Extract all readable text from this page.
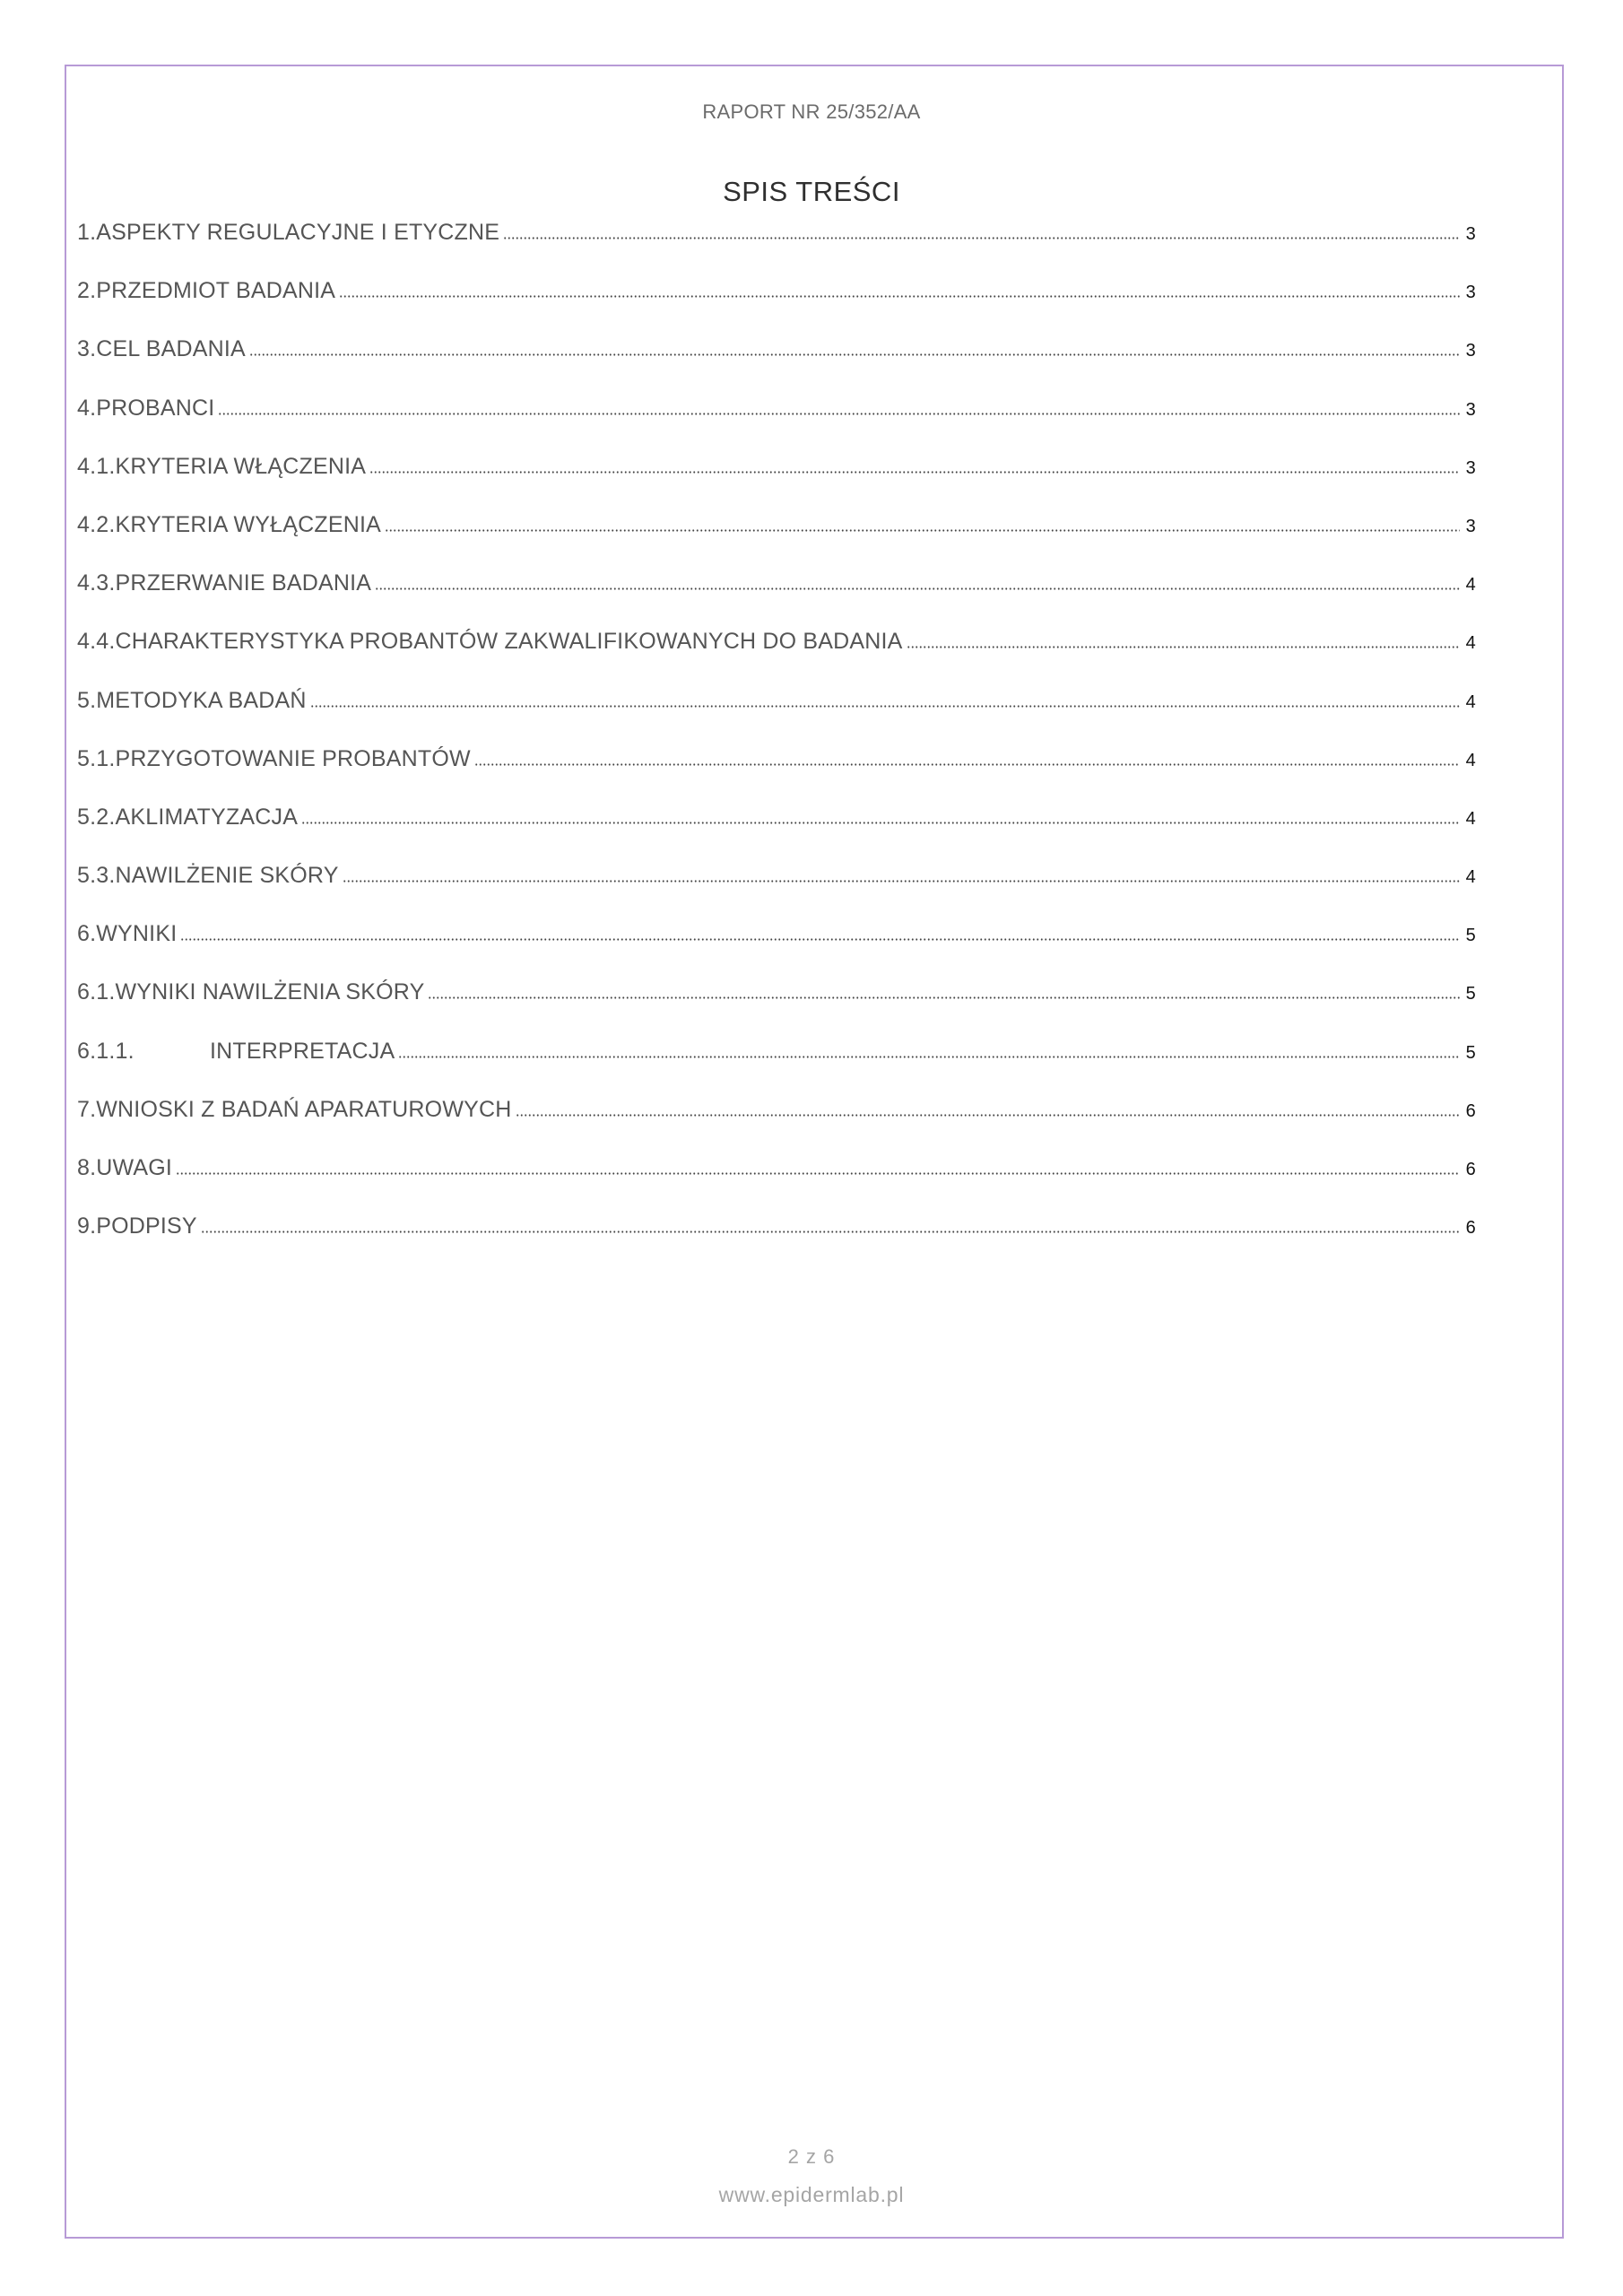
RAPORT NR 25/352/AA
SPIS TREŚCI
1.ASPEKTY REGULACYJNE I ETYCZNE	3
2.PRZEDMIOT BADANIA	3
3.CEL BADANIA	3
4.PROBANCI	3
4.1.KRYTERIA WŁĄCZENIA	3
4.2.KRYTERIA WYŁĄCZENIA	3
4.3.PRZERWANIE BADANIA	4
4.4.CHARAKTERYSTYKA PROBANTÓW ZAKWALIFIKOWANYCH DO BADANIA	4
5.METODYKA BADAŃ	4
5.1.PRZYGOTOWANIE PROBANTÓW	4
5.2.AKLIMATYZACJA	4
5.3.NAWILŻENIE SKÓRY	4
6.WYNIKI	5
6.1.WYNIKI NAWILŻENIA SKÓRY	5
6.1.1.	INTERPRETACJA	5
7.WNIOSKI Z BADAŃ APARATUROWYCH	6
8.UWAGI	6
9.PODPISY	6
2 z 6
www.epidermlab.pl
